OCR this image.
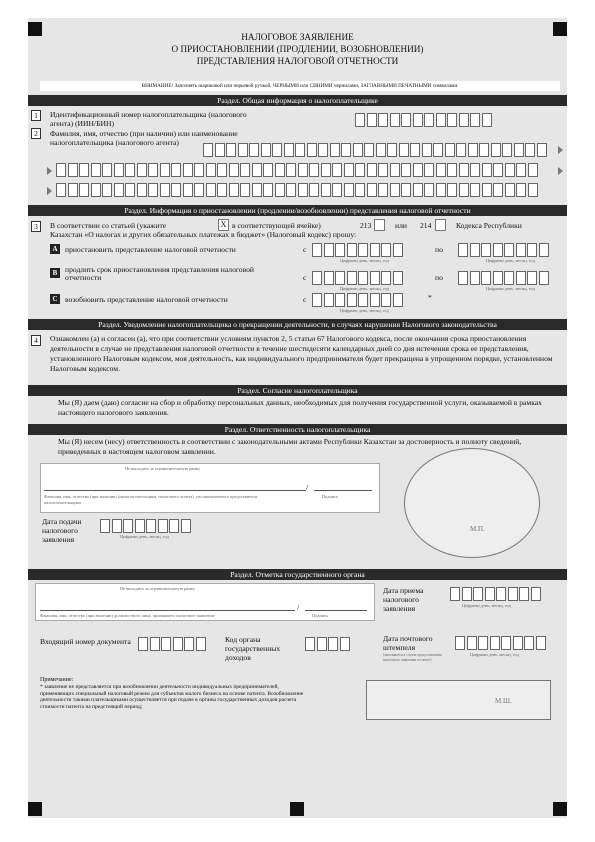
НАЛОГОВОЕ ЗАЯВЛЕНИЕ
О ПРИОСТАНОВЛЕНИИ (ПРОДЛЕНИИ, ВОЗОБНОВЛЕНИИ)
ПРЕДСТАВЛЕНИЯ НАЛОГОВОЙ ОТЧЕТНОСТИ
ВНИМАНИЕ! Заполнять шариковой или перьевой ручкой, ЧЕРНЫМИ или СИНИМИ чернилами, ЗАГЛАВНЫМИ ПЕЧАТНЫМИ символами.
Раздел. Общая информация о налогоплательщике
1	Идентификационный номер налогоплательщика (налогового агента) (ИИН/БИН)
2	Фамилия, имя, отчество (при наличии) или наименование налогоплательщика (налогового агента)
Раздел. Информация о приостановлении (продлении/возобновлении) представления налоговой отчетности
3	В соответствии со статьей (укажите	X в соответствующей ячейке)	213	или 214	Кодекса Республики
Казахстан «О налогах и других обязательных платежах в бюджет» (Налоговый кодекс) прошу:
A приостановить представление налоговой отчетности	с
Цифрами день, месяц, год
по
Цифрами день, месяц, год
B	продлить срок приостановления представления налоговой отчетности	с
Цифрами день, месяц, год
по
Цифрами день, месяц, год
C возобновить представление налоговой отчетности	с	*
Цифрами день, месяц, год
Раздел. Уведомление налогоплательщика о прекращении деятельности, в случаях нарушения Налогового законодательства
4	Ознакомлен (а) и согласен (а), что при соответствии условиям пунктов 2, 5 статьи 67 Налогового кодекса, после окончания срока приостановления деятельности в случае не представления налоговой отчетности в течение шестидесяти календарных дней со дня истечения срока ее представления, установленного Налоговым кодексом, моя деятельность, как индивидуального предпринимателя будет прекращена в упрощенном порядке, установленном Налоговым кодексом.
Раздел. Согласие налогоплательщика
Мы (Я) даем (даю) согласие на сбор и обработку персональных данных, необходимых для получения государственной услуги, оказываемой в рамках настоящего налогового заявления.
Раздел. Ответственность налогоплательщика
Мы (Я) несем (несу) ответственность в соответствии с законодательными актами Республики Казахстан за достоверность и полноту сведений, приведенных в настоящем налоговом заявлении.
Не выходить за ограничительную рамку
/
Фамилия, имя, отчество (при наличии) (налогоплательщика, налогового агента), уполномоченного представителя налогоплательщика
Подпись
Дата подачи налогового заявления	Цифрами день, месяц, год
М.П.
Раздел. Отметка государственного органа
Не выходить за ограничительную рамку
/
Фамилия, имя, отчество (при наличии) должностного лица, принявшего налоговое заявление	Подпись
Дата приема налогового заявления	Цифрами день, месяц, год
Входящий номер документа	Код органа государственных доходов
Дата почтового штемпеля
(заполняется в случае предоставления налогового заявления по почте)
Цифрами день, месяц, год
Примечание:
* заявление не представляется при возобновлении деятельности индивидуальных предпринимателей, применяющих специальный налоговый режим для субъектов малого бизнеса на основе патента. Возобновление деятельности такими плательщиками осуществляется при подаче в органы государственных доходов расчета стоимости патента на предстоящий период;
М.Ш.
